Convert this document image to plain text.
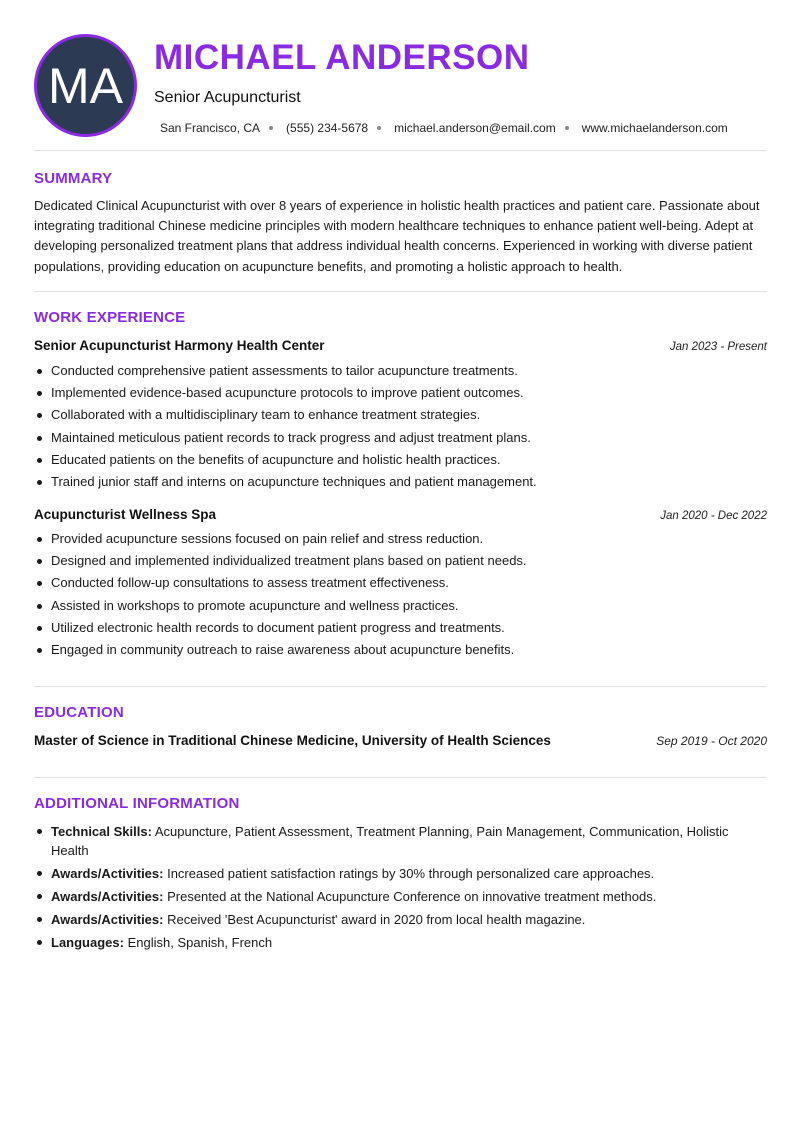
MA MICHAEL ANDERSON
Senior Acupuncturist
San Francisco, CA (555) 234-5678 michael.anderson@email.com www.michaelanderson.com
SUMMARY
Dedicated Clinical Acupuncturist with over 8 years of experience in holistic health practices and patient care. Passionate about integrating traditional Chinese medicine principles with modern healthcare techniques to enhance patient well-being. Adept at developing personalized treatment plans that address individual health concerns. Experienced in working with diverse patient populations, providing education on acupuncture benefits, and promoting a holistic approach to health.
WORK EXPERIENCE
Senior Acupuncturist Harmony Health Center	Jan 2023 - Present
Conducted comprehensive patient assessments to tailor acupuncture treatments.
Implemented evidence-based acupuncture protocols to improve patient outcomes.
Collaborated with a multidisciplinary team to enhance treatment strategies.
Maintained meticulous patient records to track progress and adjust treatment plans.
Educated patients on the benefits of acupuncture and holistic health practices.
Trained junior staff and interns on acupuncture techniques and patient management.
Acupuncturist Wellness Spa	Jan 2020 - Dec 2022
Provided acupuncture sessions focused on pain relief and stress reduction.
Designed and implemented individualized treatment plans based on patient needs.
Conducted follow-up consultations to assess treatment effectiveness.
Assisted in workshops to promote acupuncture and wellness practices.
Utilized electronic health records to document patient progress and treatments.
Engaged in community outreach to raise awareness about acupuncture benefits.
EDUCATION
Master of Science in Traditional Chinese Medicine, University of Health Sciences	Sep 2019 - Oct 2020
ADDITIONAL INFORMATION
Technical Skills: Acupuncture, Patient Assessment, Treatment Planning, Pain Management, Communication, Holistic Health
Awards/Activities: Increased patient satisfaction ratings by 30% through personalized care approaches.
Awards/Activities: Presented at the National Acupuncture Conference on innovative treatment methods.
Awards/Activities: Received 'Best Acupuncturist' award in 2020 from local health magazine.
Languages: English, Spanish, French
